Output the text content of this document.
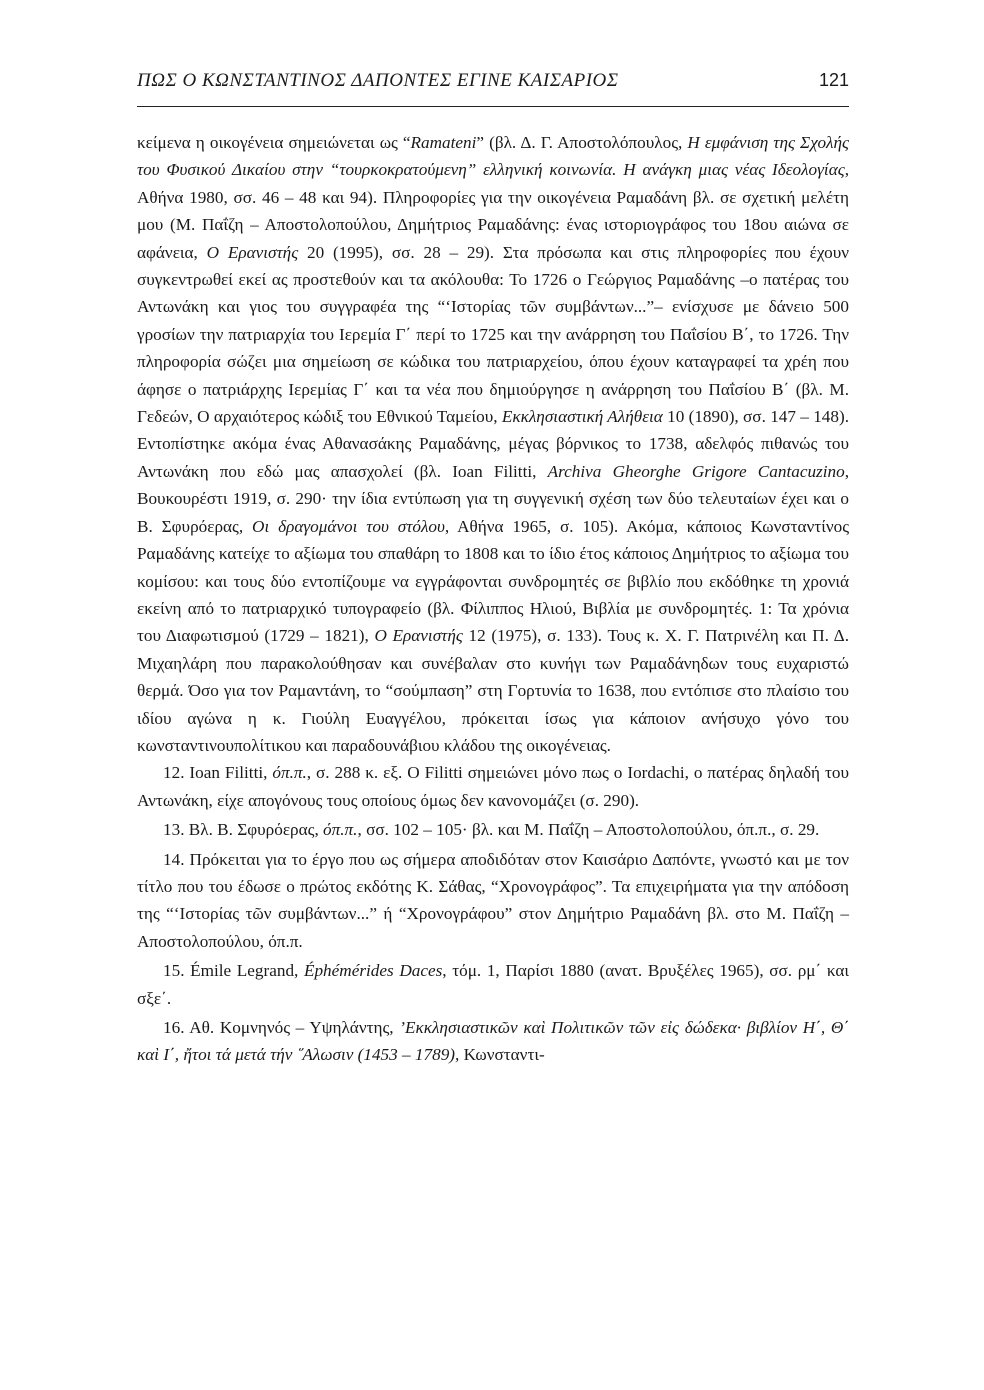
ΠΩΣ Ο ΚΩΝΣΤΑΝΤΙΝΟΣ ΔΑΠΟΝΤΕΣ ΕΓΙΝΕ ΚΑΙΣΑΡΙΟΣ	121

κείμενα η οικογένεια σημειώνεται ως “Ramateni” (βλ. Δ. Γ. Αποστολόπουλος, Η εμφάνιση της Σχολής του Φυσικού Δικαίου στην “τουρκοκρατούμενη” ελληνική κοινωνία. Η ανάγκη μιας νέας Ιδεολογίας, Αθήνα 1980, σσ. 46 – 48 και 94). Πληροφορίες για την οικογένεια Ραμαδάνη βλ. σε σχετική μελέτη μου (Μ. Παΐζη – Αποστολοπούλου, Δημήτριος Ραμαδάνης: ένας ιστοριογράφος του 18ου αιώνα σε αφάνεια, Ο Ερανιστής 20 (1995), σσ. 28 – 29). Στα πρόσωπα και στις πληροφορίες που έχουν συγκεντρωθεί εκεί ας προστεθούν και τα ακόλουθα: Το 1726 ο Γεώργιος Ραμαδάνης –ο πατέρας του Αντωνάκη και γιος του συγγραφέα της “‘Ιστορίας τῶν συμβάντων...”– ενίσχυσε με δάνειο 500 γροσίων την πατριαρχία του Ιερεμία Γ΄ περί το 1725 και την ανάρρηση του Παΐσίου Β΄, το 1726. Την πληροφορία σώζει μια σημείωση σε κώδικα του πατριαρχείου, όπου έχουν καταγραφεί τα χρέη που άφησε ο πατριάρχης Ιερεμίας Γ΄ και τα νέα που δημιούργησε η ανάρρηση του Παΐσίου Β΄ (βλ. Μ. Γεδεών, Ο αρχαιότερος κώδιξ του Εθνικού Ταμείου, Εκκλησιαστική Αλήθεια 10 (1890), σσ. 147 – 148). Εντοπίστηκε ακόμα ένας Αθανασάκης Ραμαδάνης, μέγας βόρνικος το 1738, αδελφός πιθανώς του Αντωνάκη που εδώ μας απασχολεί (βλ. Ioan Filitti, Archiva Gheorghe Grigore Cantacuzino, Βουκουρέστι 1919, σ. 290· την ίδια εντύπωση για τη συγγενική σχέση των δύο τελευταίων έχει και ο Β. Σφυρόερας, Οι δραγομάνοι του στόλου, Αθήνα 1965, σ. 105). Ακόμα, κάποιος Κωνσταντίνος Ραμαδάνης κατείχε το αξίωμα του σπαθάρη το 1808 και το ίδιο έτος κάποιος Δημήτριος το αξίωμα του κομίσου: και τους δύο εντοπίζουμε να εγγράφονται συνδρομητές σε βιβλίο που εκδόθηκε τη χρονιά εκείνη από το πατριαρχικό τυπογραφείο (βλ. Φίλιππος Ηλιού, Βιβλία με συνδρομητές. 1: Τα χρόνια του Διαφωτισμού (1729 – 1821), Ο Ερανιστής 12 (1975), σ. 133). Τους κ. Χ. Γ. Πατρινέλη και Π. Δ. Μιχαηλάρη που παρακολούθησαν και συνέβαλαν στο κυνήγι των Ραμαδάνηδων τους ευχαριστώ θερμά. Όσο για τον Ραμαντάνη, το “σούμπαση” στη Γορτυνία το 1638, που εντόπισε στο πλαίσιο του ιδίου αγώνα η κ. Γιούλη Ευαγγέλου, πρόκειται ίσως για κάποιον ανήσυχο γόνο του κωνσταντινουπολίτικου και παραδουνάβιου κλάδου της οικογένειας.

12. Ioan Filitti, όπ.π., σ. 288 κ. εξ. Ο Filitti σημειώνει μόνο πως ο Iordachi, ο πατέρας δηλαδή του Αντωνάκη, είχε απογόνους τους οποίους όμως δεν κανονομάζει (σ. 290).

13. Βλ. Β. Σφυρόερας, όπ.π., σσ. 102 – 105· βλ. και Μ. Παΐζη – Αποστολοπούλου, όπ.π., σ. 29.

14. Πρόκειται για το έργο που ως σήμερα αποδιδόταν στον Καισάριο Δαπόντε, γνωστό και με τον τίτλο που του έδωσε ο πρώτος εκδότης Κ. Σάθας, “Χρονογράφος”. Τα επιχειρήματα για την απόδοση της “‘Ιστορίας τῶν συμβάντων...” ή “Χρονογράφου” στον Δημήτριο Ραμαδάνη βλ. στο Μ. Παΐζη – Αποστολοπούλου, όπ.π.

15. Émile Legrand, Éphémérides Daces, τόμ. 1, Παρίσι 1880 (ανατ. Βρυξέλες 1965), σσ. ρμ΄ και σξε΄.

16. Αθ. Κομνηνός – Υψηλάντης, ’Εκκλησιαστικῶν καὶ Πολιτικῶν τῶν εἰς δώδεκα· βιβλίον Η΄, Θ΄ καὶ Ι΄, ἤτοι τά μετά τήν ῞Αλωσιν (1453 – 1789), Κωνσταντι-
